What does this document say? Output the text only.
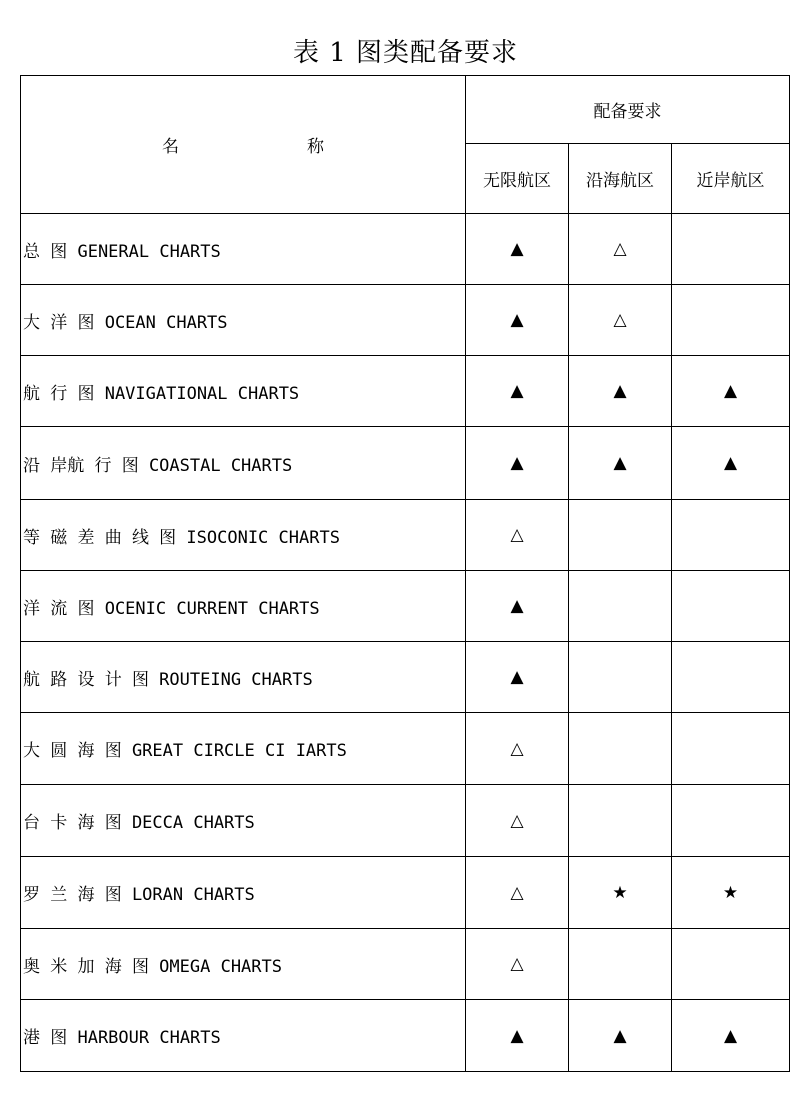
表 1 图类配备要求
名 称	配备要求		
	无限航区	沿海航区	近岸航区
总 图 GENERAL CHARTS	▲	△	
大 洋 图 OCEAN CHARTS	▲	△	
航 行 图 NAVIGATIONAL CHARTS	▲	▲	▲
沿 岸航 行 图 COASTAL CHARTS	▲	▲	▲
等 磁 差 曲 线 图 ISOCONIC CHARTS	△		
洋 流 图 OCENIC CURRENT CHARTS	▲		
航 路 设 计 图 ROUTEING CHARTS	▲		
大 圆 海 图 GREAT CIRCLE CI IARTS	△		
台 卡 海 图 DECCA CHARTS	△		
罗 兰 海 图 LORAN CHARTS	△	★	★
奥 米 加 海 图 OMEGA CHARTS	△		
港 图 HARBOUR CHARTS	▲	▲	▲
